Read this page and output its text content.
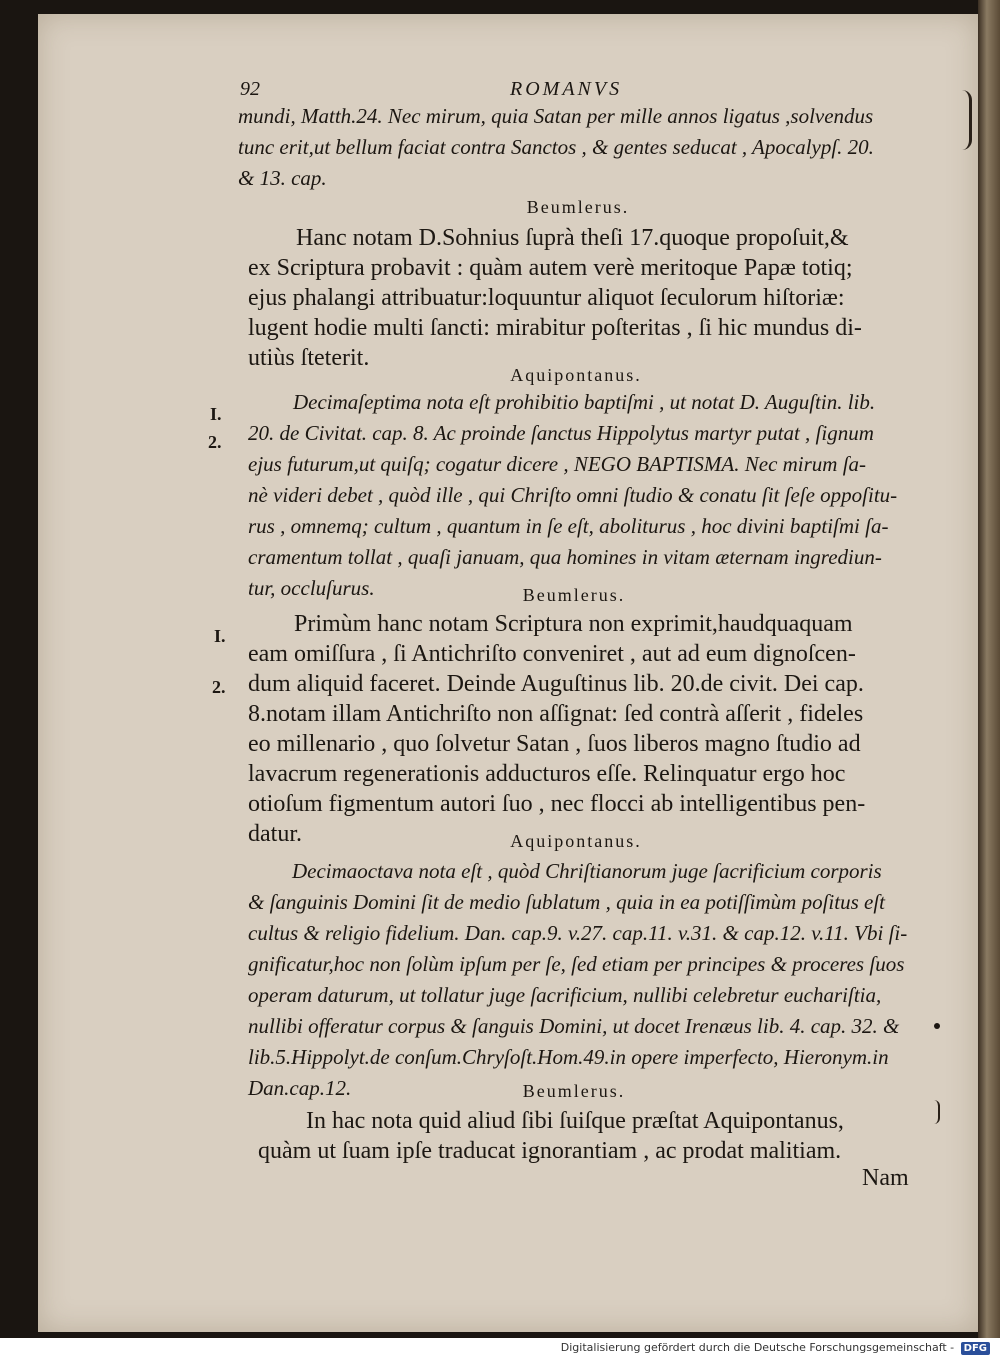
92	ROMANVS
mundi, Matth.24. Nec mirum, quia Satan per mille annos ligatus ,solvendus
tunc erit,ut bellum faciat contra Sanctos , & gentes seducat , Apocalypſ. 20.
& 13. cap.
Beumlerus.
Hanc notam D.Sohnius ſuprà theſi 17.quoque propoſuit,&
ex Scriptura probavit : quàm autem verè meritoque Papæ totiq;
ejus phalangi attribuatur:loquuntur aliquot ſeculorum hiſtoriæ:
lugent hodie multi ſancti: mirabitur poſteritas , ſi hic mundus di-
utiùs ſteterit.
Aquipontanus.
I.
2.
Decimaſeptima nota eſt prohibitio baptiſmi , ut notat D. Auguſtin. lib.
20. de Civitat. cap. 8. Ac proinde ſanctus Hippolytus martyr putat , ſignum
ejus futurum,ut quiſq; cogatur dicere , NEGO BAPTISMA. Nec mirum ſa-
nè videri debet , quòd ille , qui Chriſto omni ſtudio & conatu ſit ſeſe oppoſitu-
rus , omnemq; cultum , quantum in ſe eſt, aboliturus , hoc divini baptiſmi ſa-
cramentum tollat , quaſi januam, qua homines in vitam æternam ingrediun-
tur, occluſurus.	Beumlerus.
I.
2.
Primùm hanc notam Scriptura non exprimit,haudquaquam
eam omiſſura , ſi Antichriſto conveniret , aut ad eum dignoſcen-
dum aliquid faceret. Deinde Auguſtinus lib. 20.de civit. Dei cap.
8.notam illam Antichriſto non aſſignat: ſed contrà aſſerit , fideles
eo millenario , quo ſolvetur Satan , ſuos liberos magno ſtudio ad
lavacrum regenerationis adducturos eſſe. Relinquatur ergo hoc
otioſum figmentum autori ſuo , nec flocci ab intelligentibus pen-
datur.	Aquipontanus.
Decimaoctava nota eſt , quòd Chriſtianorum juge ſacrificium corporis
& ſanguinis Domini ſit de medio ſublatum , quia in ea potiſſimùm poſitus eſt
cultus & religio fidelium. Dan. cap.9. v.27. cap.11. v.31. & cap.12. v.11. Vbi ſi-
gnificatur,hoc non ſolùm ipſum per ſe, ſed etiam per principes & proceres ſuos
operam daturum, ut tollatur juge ſacrificium, nullibi celebretur euchariſtia,
nullibi offeratur corpus & ſanguis Domini, ut docet Irenæus lib. 4. cap. 32. &
lib.5.Hippolyt.de conſum.Chryſoſt.Hom.49.in opere imperfecto, Hieronym.in
Dan.cap.12.	Beumlerus.
In hac nota quid aliud ſibi ſuiſque præſtat Aquipontanus,
quàm ut ſuam ipſe traducat ignorantiam , ac prodat malitiam.
Nam
Digitalisierung gefördert durch die Deutsche Forschungsgemeinschaft - DFG
